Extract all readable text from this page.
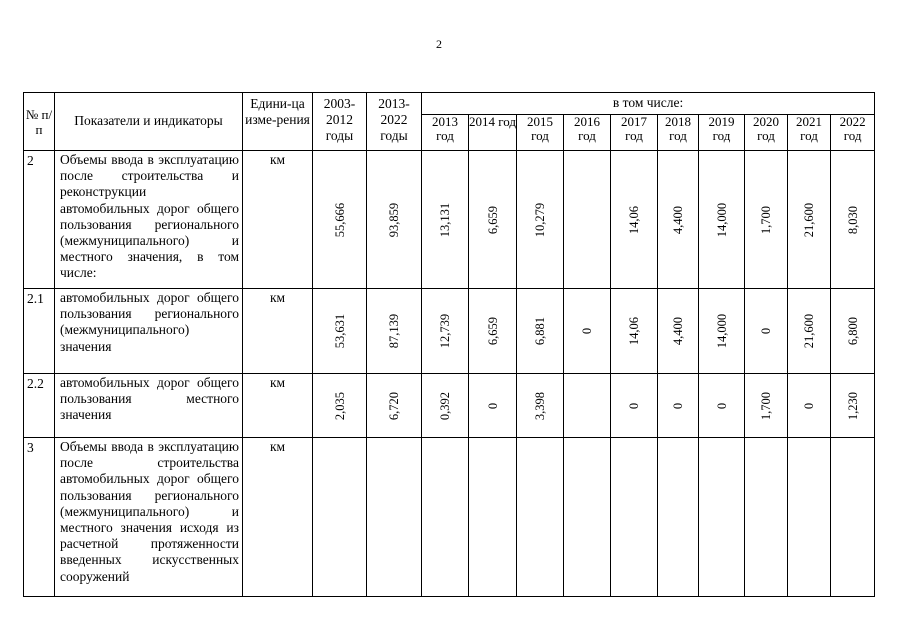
2
№ п/п	Показатели и индикаторы	Едини-ца изме-рения	2003-2012 годы	2013-2022 годы	в том числе:									
					2013 год	2014 год	2015 год	2016 год	2017 год	2018 год	2019 год	2020 год	2021 год	2022 год
2	Объемы ввода в эксплуатацию после строительства и реконструкции автомобильных дорог общего пользования регионального (межмуниципального) и местного значения, в том числе:	км	55,666	93,859	13,131	6,659	10,279		14,06	4,400	14,000	1,700	21,600	8,030

2.1	автомобильных дорог общего пользования регионального (межмуниципального) значения	км	53,631	87,139	12,739	6,659	6,881	0	14,06	4,400	14,000	0	21,600	6,800

2.2	автомобильных дорог общего пользования местного значения	км	2,035	6,720	0,392	0	3,398		0	0	0	1,700	0	1,230

3	Объемы ввода в эксплуатацию после строительства автомобильных дорог общего пользования регионального (межмуниципального) и местного значения исходя из расчетной протяженности введенных искусственных сооружений	км	
